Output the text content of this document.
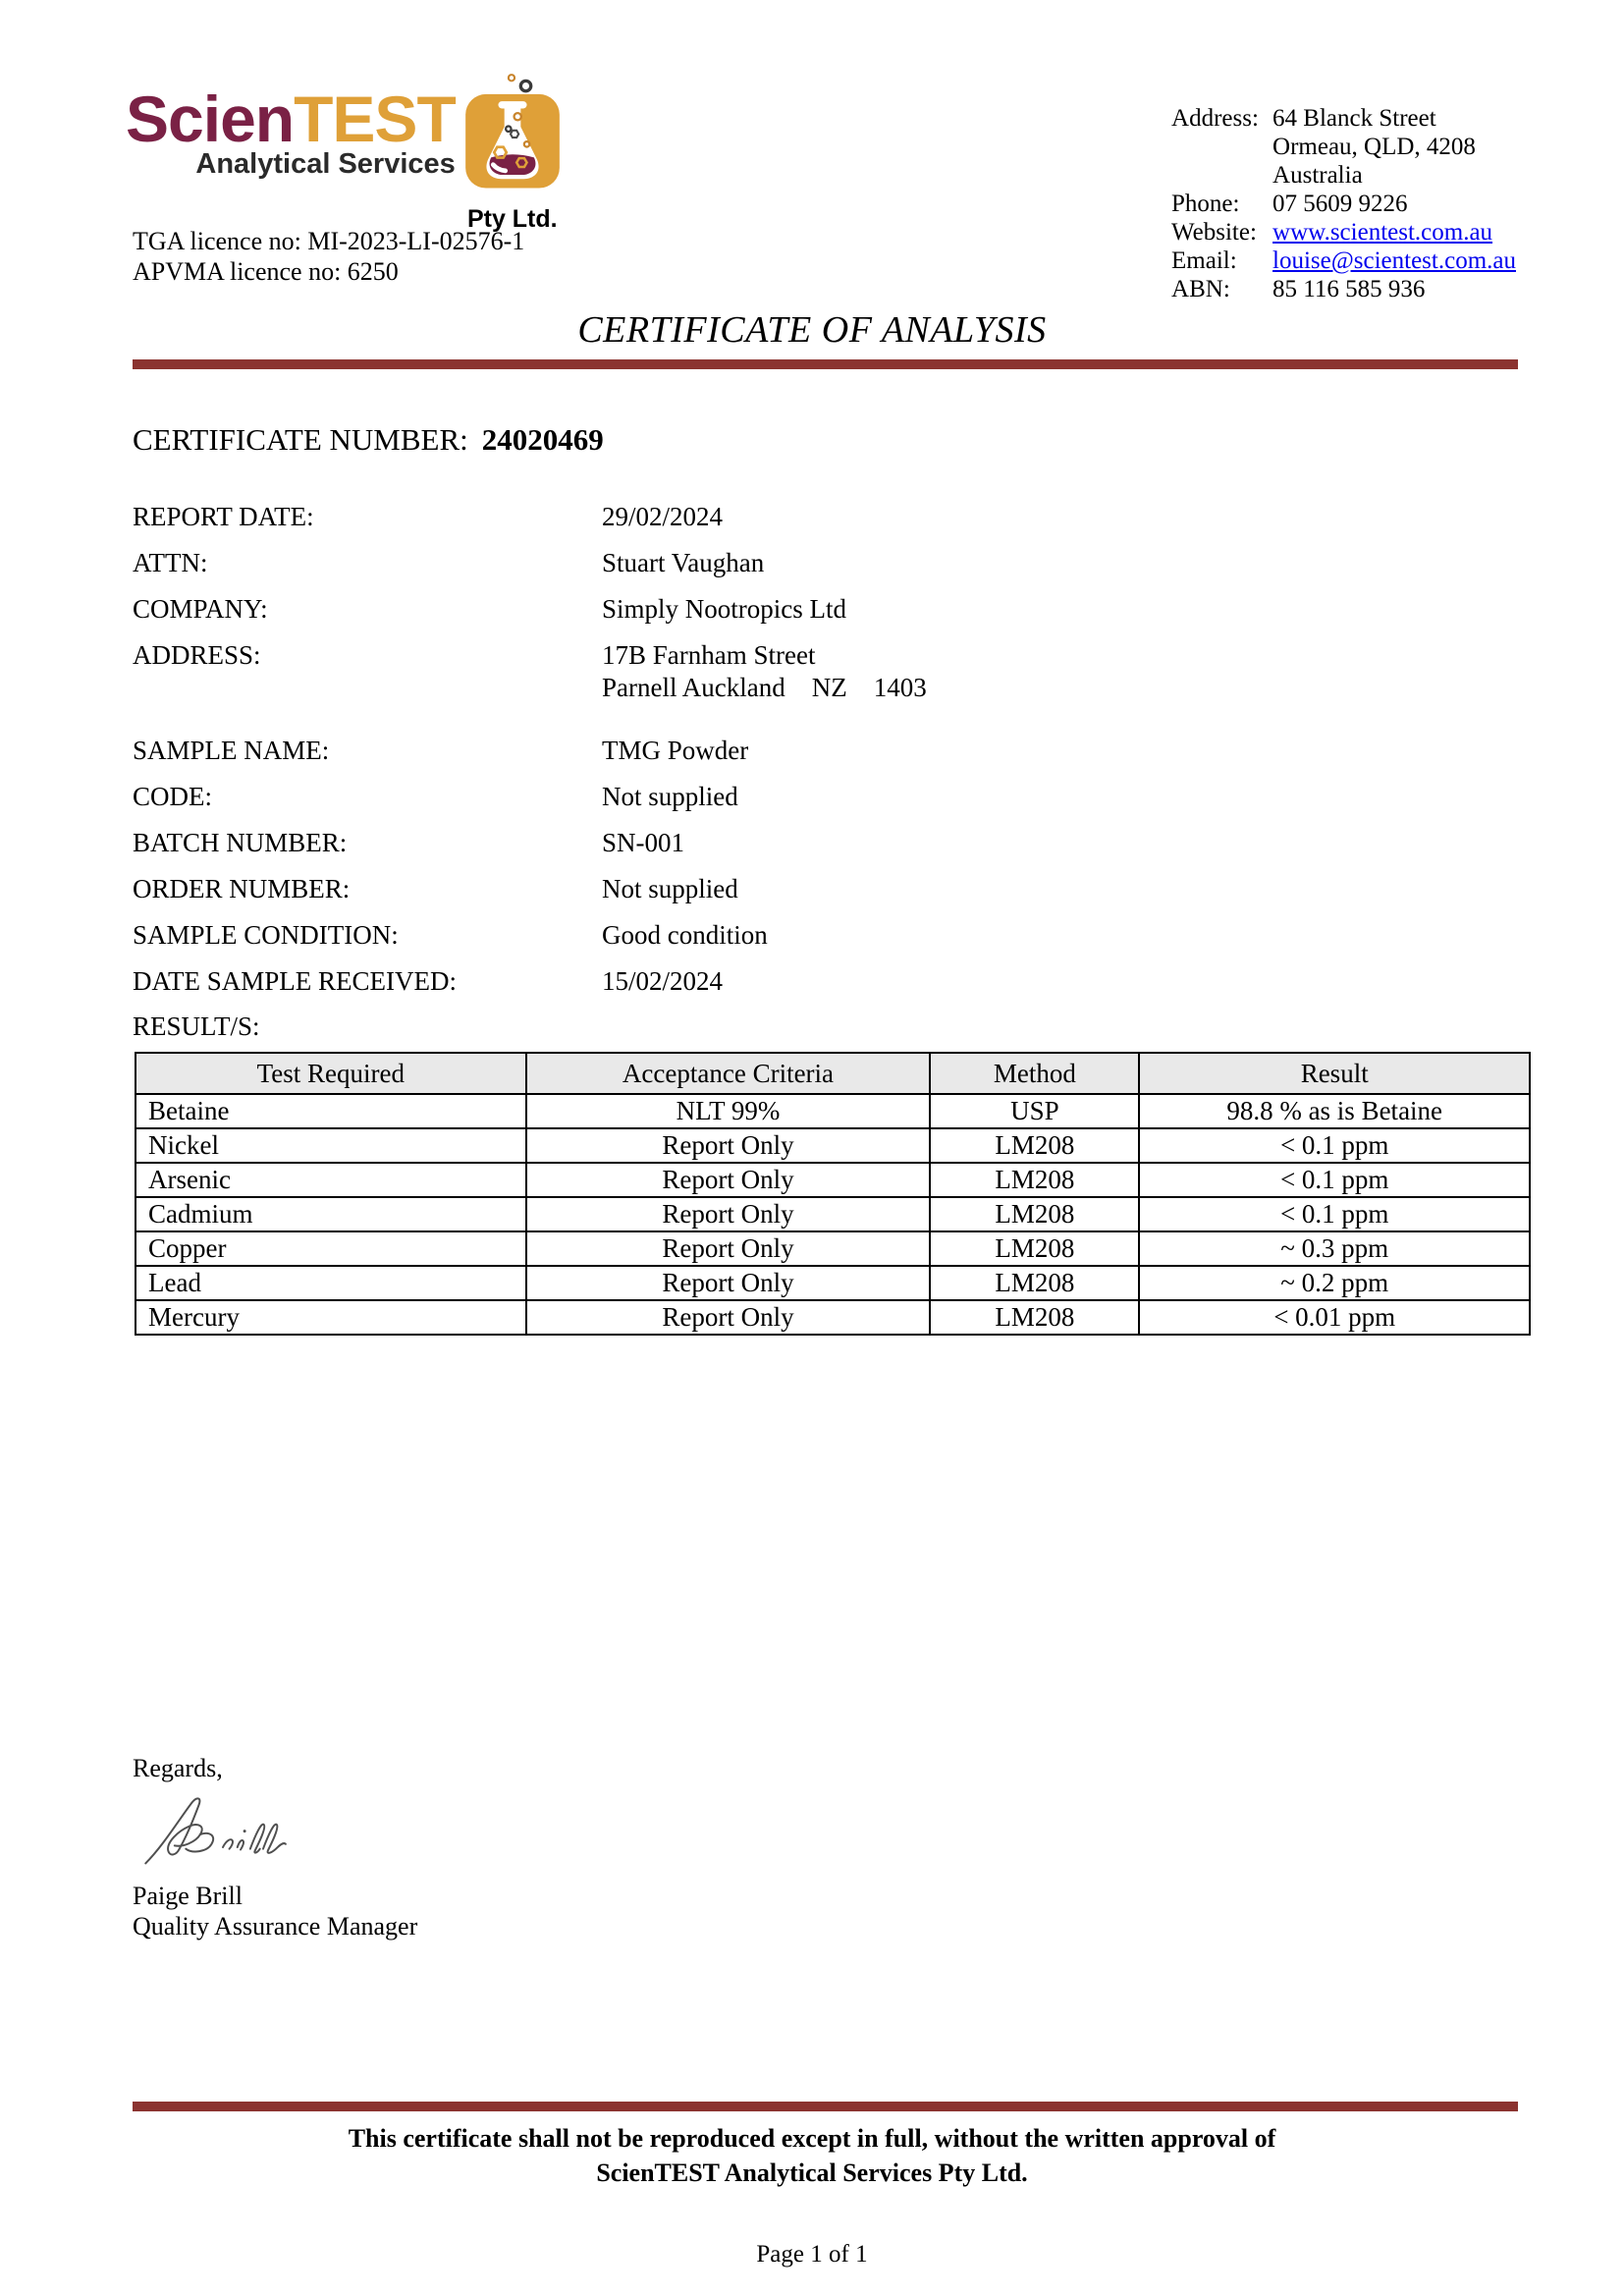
ScienTEST
Analytical Services
Pty Ltd.
TGA licence no: MI-2023-LI-02576-1
APVMA licence no: 6250
Address: 64 Blanck Street
Ormeau, QLD, 4208
Australia
Phone:	07 5609 9226
Website: www.scientest.com.au
Email:	louise@scientest.com.au
ABN:	85 116 585 936
CERTIFICATE OF ANALYSIS
CERTIFICATE NUMBER: 24020469
REPORT DATE:	29/02/2024
ATTN:	Stuart Vaughan
COMPANY:	Simply Nootropics Ltd
ADDRESS:	17B Farnham Street
Parnell Auckland    NZ    1403
SAMPLE NAME:	TMG Powder
CODE:	Not supplied
BATCH NUMBER:	SN-001
ORDER NUMBER:	Not supplied
SAMPLE CONDITION:	Good condition
DATE SAMPLE RECEIVED:	15/02/2024
RESULT/S:
Test Required	Acceptance Criteria	Method	Result
Betaine	NLT 99%	USP	98.8 % as is Betaine
Nickel	Report Only	LM208	< 0.1 ppm
Arsenic	Report Only	LM208	< 0.1 ppm
Cadmium	Report Only	LM208	< 0.1 ppm
Copper	Report Only	LM208	~ 0.3 ppm
Lead	Report Only	LM208	~ 0.2 ppm
Mercury	Report Only	LM208	< 0.01 ppm
Regards,
Paige Brill
Quality Assurance Manager
This certificate shall not be reproduced except in full, without the written approval of
ScienTEST Analytical Services Pty Ltd.
Page 1 of 1
